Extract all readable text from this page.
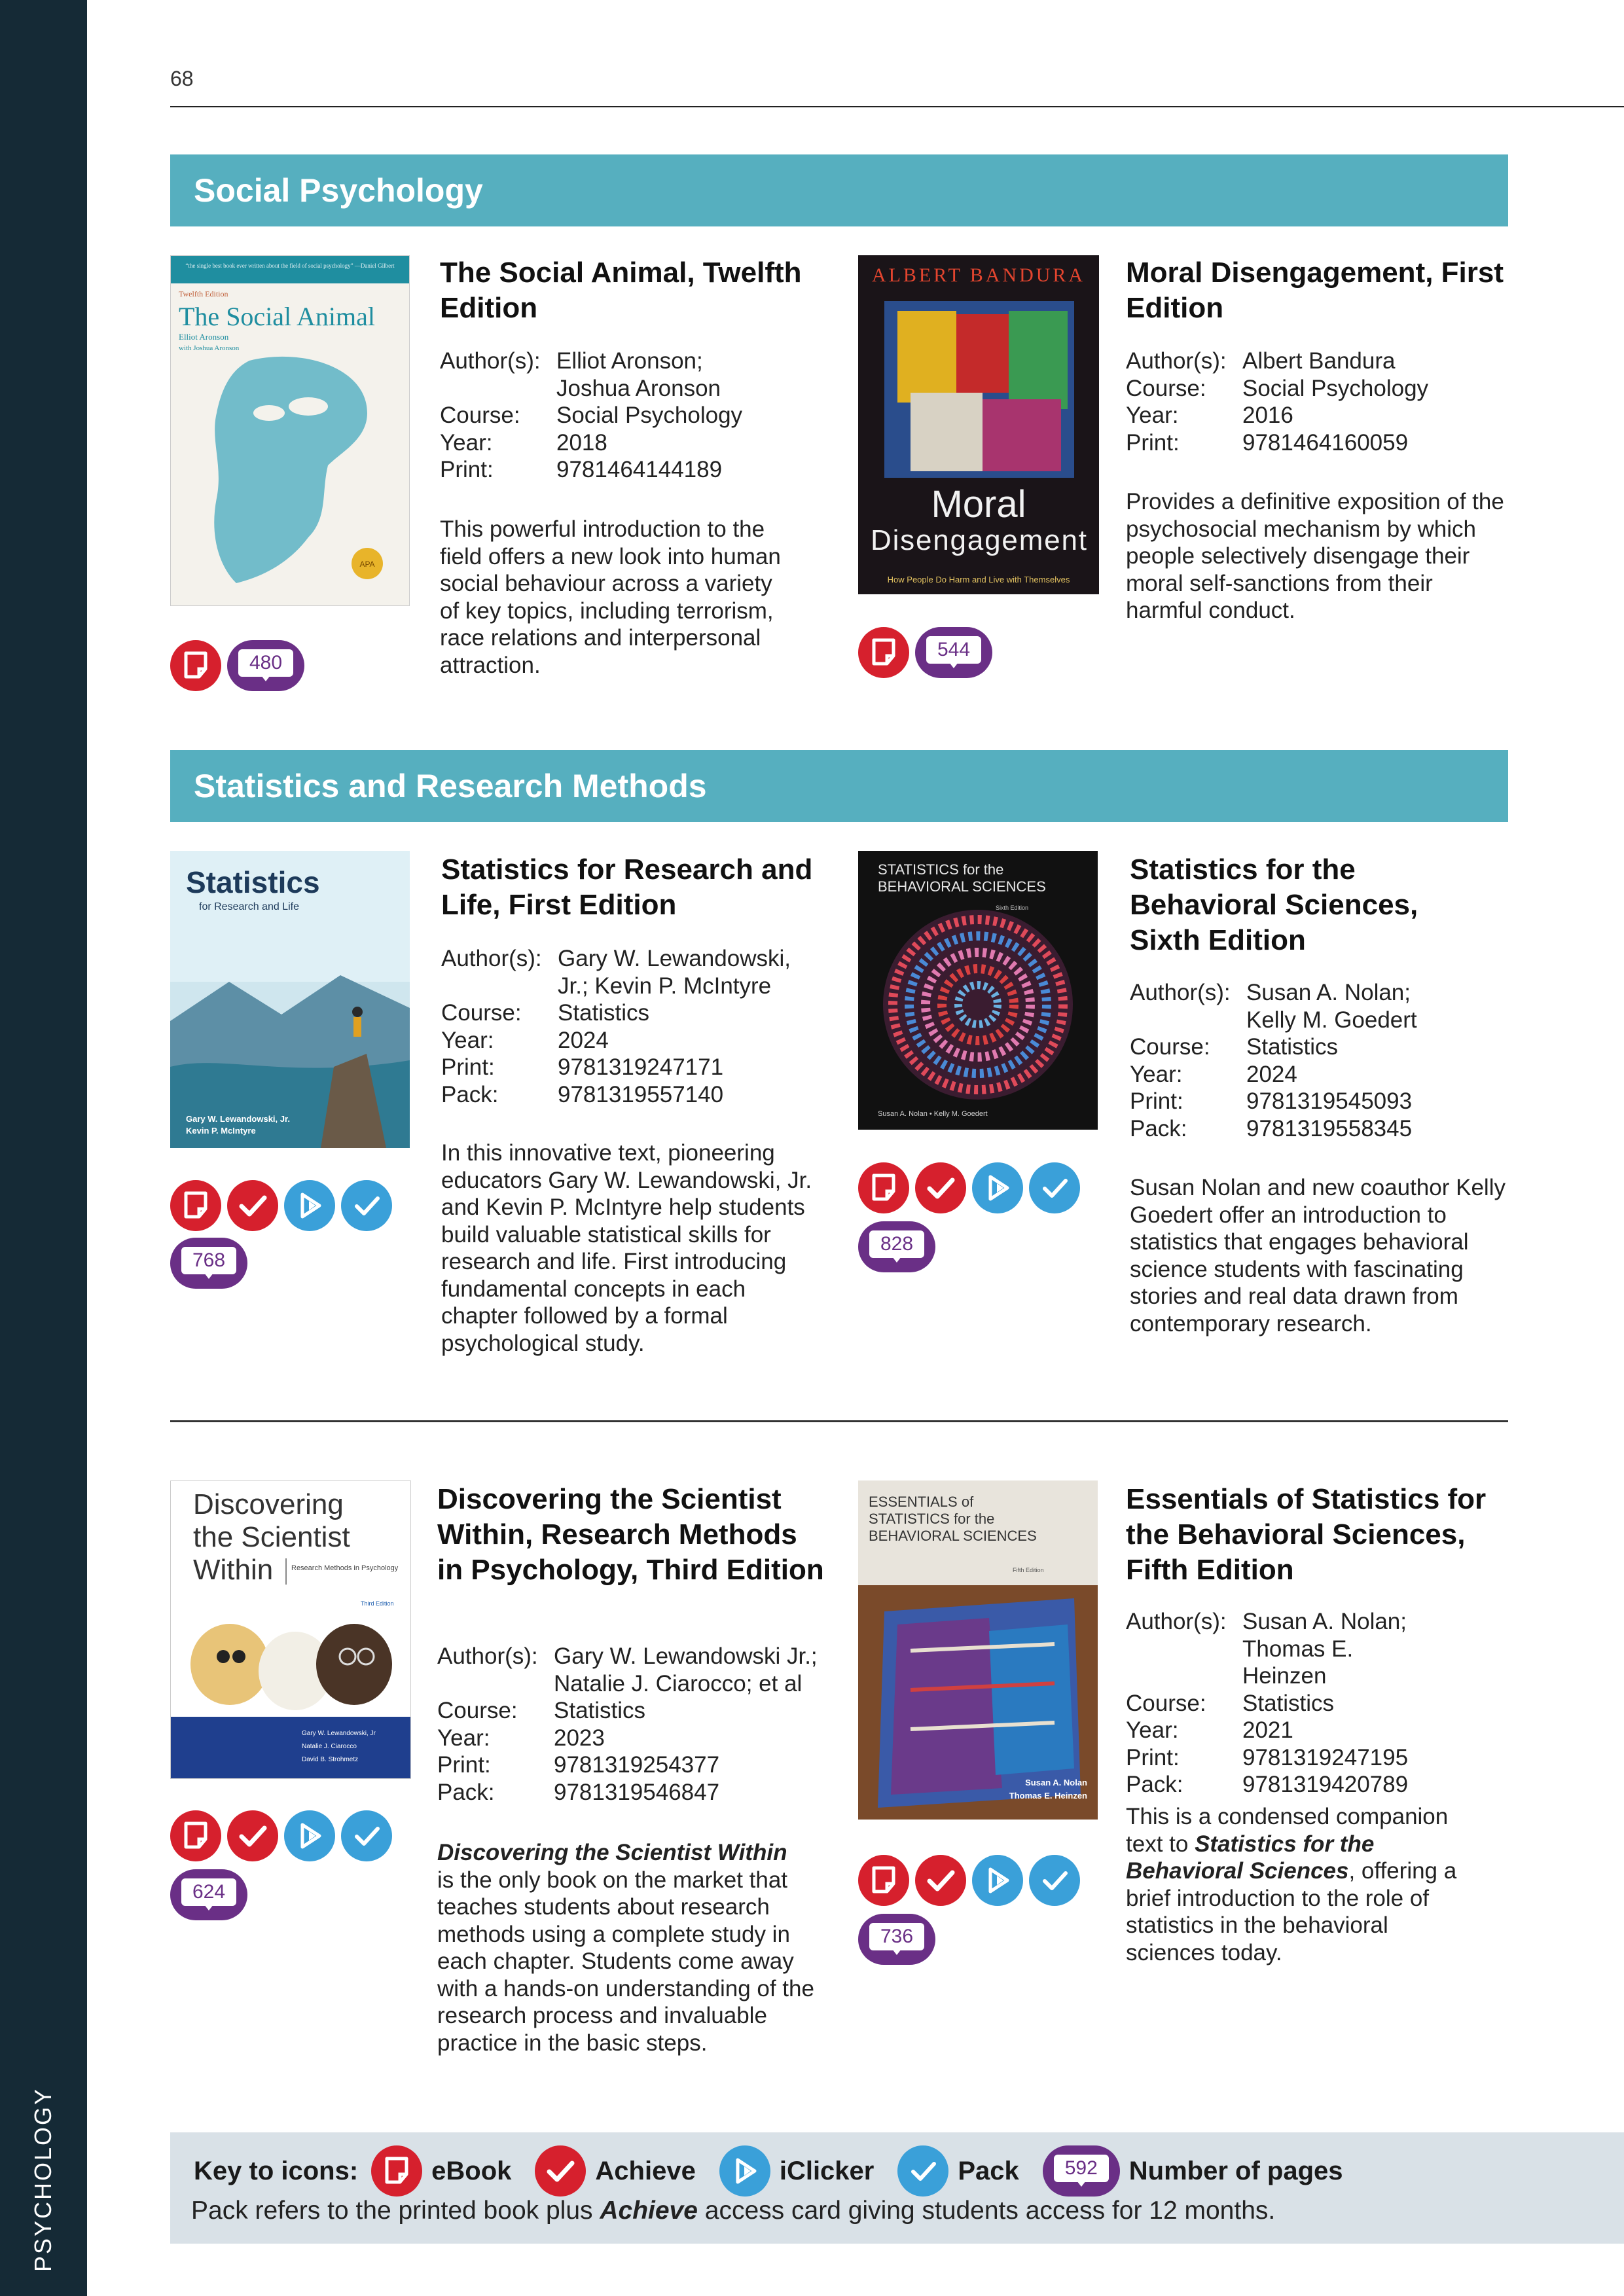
PSYCHOLOGY
68
Social Psychology
“the single best book ever written about the field of social psychology” —Daniel Gilbert
Twelfth Edition
The Social Animal
Elliot Aronson
with Joshua Aronson
APA
The Social Animal, Twelfth Edition
Author(s): Elliot Aronson; Joshua Aronson
Course:	Social Psychology
Year:	2018
Print:	9781464144189
This powerful introduction to the field offers a new look into human social behaviour across a variety of key topics, including terrorism, race relations and interpersonal attraction.
480
ALBERT BANDURA
Moral
Disengagement
How People Do Harm and Live with Themselves
Moral Disengagement, First Edition
Author(s): Albert Bandura
Course:	Social Psychology
Year:	2016
Print:	9781464160059
Provides a definitive exposition of the psychosocial mechanism by which people selectively disengage their moral self-sanctions from their harmful conduct.
544
Statistics and Research Methods
Statistics
for Research and Life
Gary W. Lewandowski, Jr.
Kevin P. McIntyre
Statistics for Research and Life, First Edition
Author(s): Gary W. Lewandowski, Jr.; Kevin P. McIntyre
Course:	Statistics
Year:	2024
Print:	9781319247171
Pack:	9781319557140
In this innovative text, pioneering educators Gary W. Lewandowski, Jr. and Kevin P. McIntyre help students build valuable statistical skills for research and life. First introducing fundamental concepts in each chapter followed by a formal psychological study.
768
STATISTICS for the
BEHAVIORAL SCIENCES
Sixth Edition
Susan A. Nolan • Kelly M. Goedert
Statistics for the Behavioral Sciences, Sixth Edition
Author(s): Susan A. Nolan; Kelly M. Goedert
Course:	Statistics
Year:	2024
Print:	9781319545093
Pack:	9781319558345
Susan Nolan and new coauthor Kelly Goedert offer an introduction to statistics that engages behavioral science students with fascinating stories and real data drawn from contemporary research.
828
Discovering
the Scientist
Within	Research Methods in Psychology
Third Edition
Gary W. Lewandowski, Jr
Natalie J. Ciarocco
David B. Strohmetz
Discovering the Scientist Within, Research Methods in Psychology, Third Edition
Author(s): Gary W. Lewandowski Jr.; Natalie J. Ciarocco; et al
Course:	Statistics
Year:	2023
Print:	9781319254377
Pack:	9781319546847
Discovering the Scientist Within
is the only book on the market that teaches students about research methods using a complete study in each chapter. Students come away with a hands-on understanding of the research process and invaluable practice in the basic steps.
624
ESSENTIALS of
STATISTICS for the
BEHAVIORAL SCIENCES
Fifth Edition
Susan A. Nolan
Thomas E. Heinzen
Essentials of Statistics for the Behavioral Sciences, Fifth Edition
Author(s): Susan A. Nolan; Thomas E. Heinzen
Course:	Statistics
Year:	2021
Print:	9781319247195
Pack:	9781319420789
This is a condensed companion text to Statistics for the Behavioral Sciences, offering a brief introduction to the role of statistics in the behavioral sciences today.
736
Key to icons:	eBook	Achieve	iClicker	Pack	592	Number of pages
Pack refers to the printed book plus Achieve access card giving students access for 12 months.
